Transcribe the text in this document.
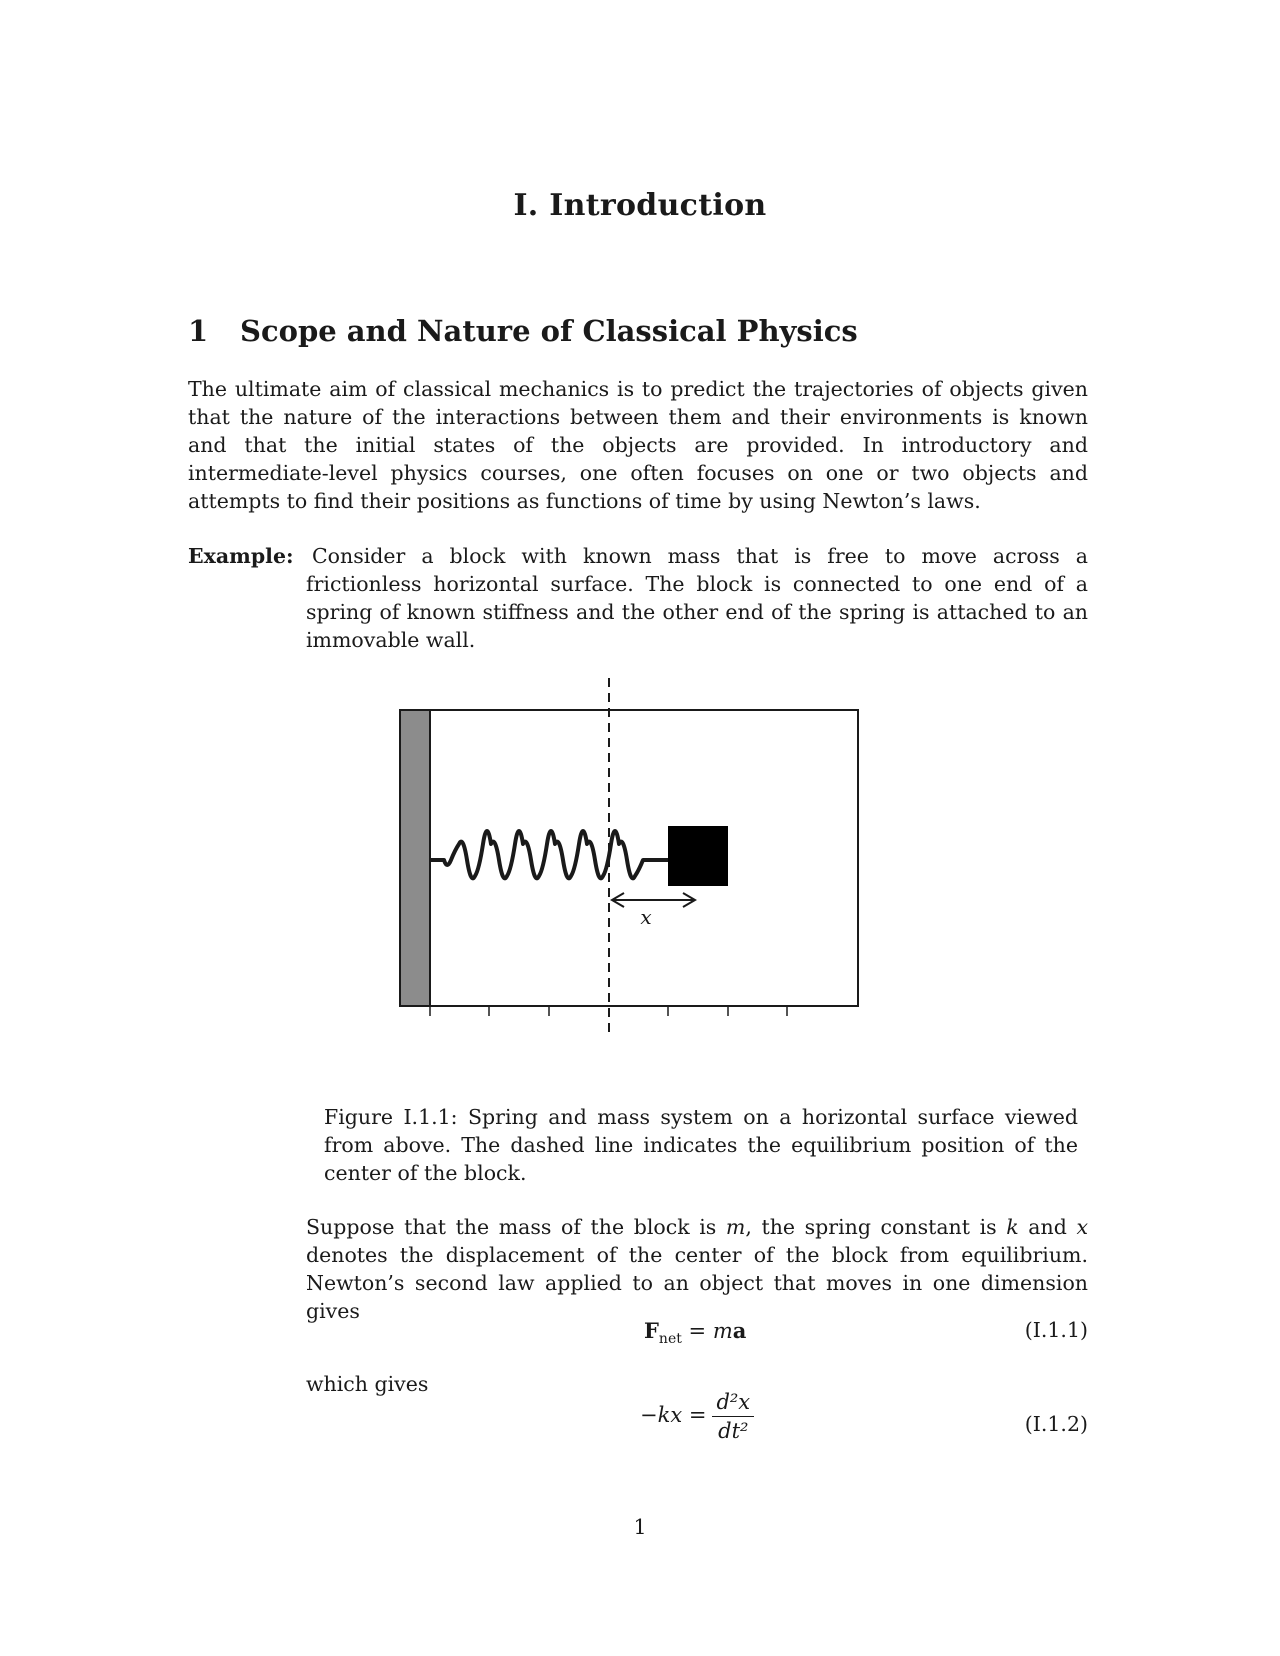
I. Introduction
1 Scope and Nature of Classical Physics
The ultimate aim of classical mechanics is to predict the trajectories of objects given that the nature of the interactions between them and their environments is known and that the initial states of the objects are provided. In introductory and intermediate-level physics courses, one often focuses on one or two objects and attempts to find their positions as functions of time by using Newton’s laws.
Example: Consider a block with known mass that is free to move across a frictionless horizontal surface. The block is connected to one end of a spring of known stiffness and the other end of the spring is attached to an immovable wall.
x
Figure I.1.1: Spring and mass system on a horizontal surface viewed from above. The dashed line indicates the equilibrium position of the center of the block.
Suppose that the mass of the block is m, the spring constant is k and x denotes the displacement of the center of the block from equilibrium. Newton’s second law applied to an object that moves in one dimension gives
$F_{net}$ = ma	(I.1.1)
which gives
$-kx = \frac{\text{d²x}}{\text{dt²}}$	(I.1.2)
1
